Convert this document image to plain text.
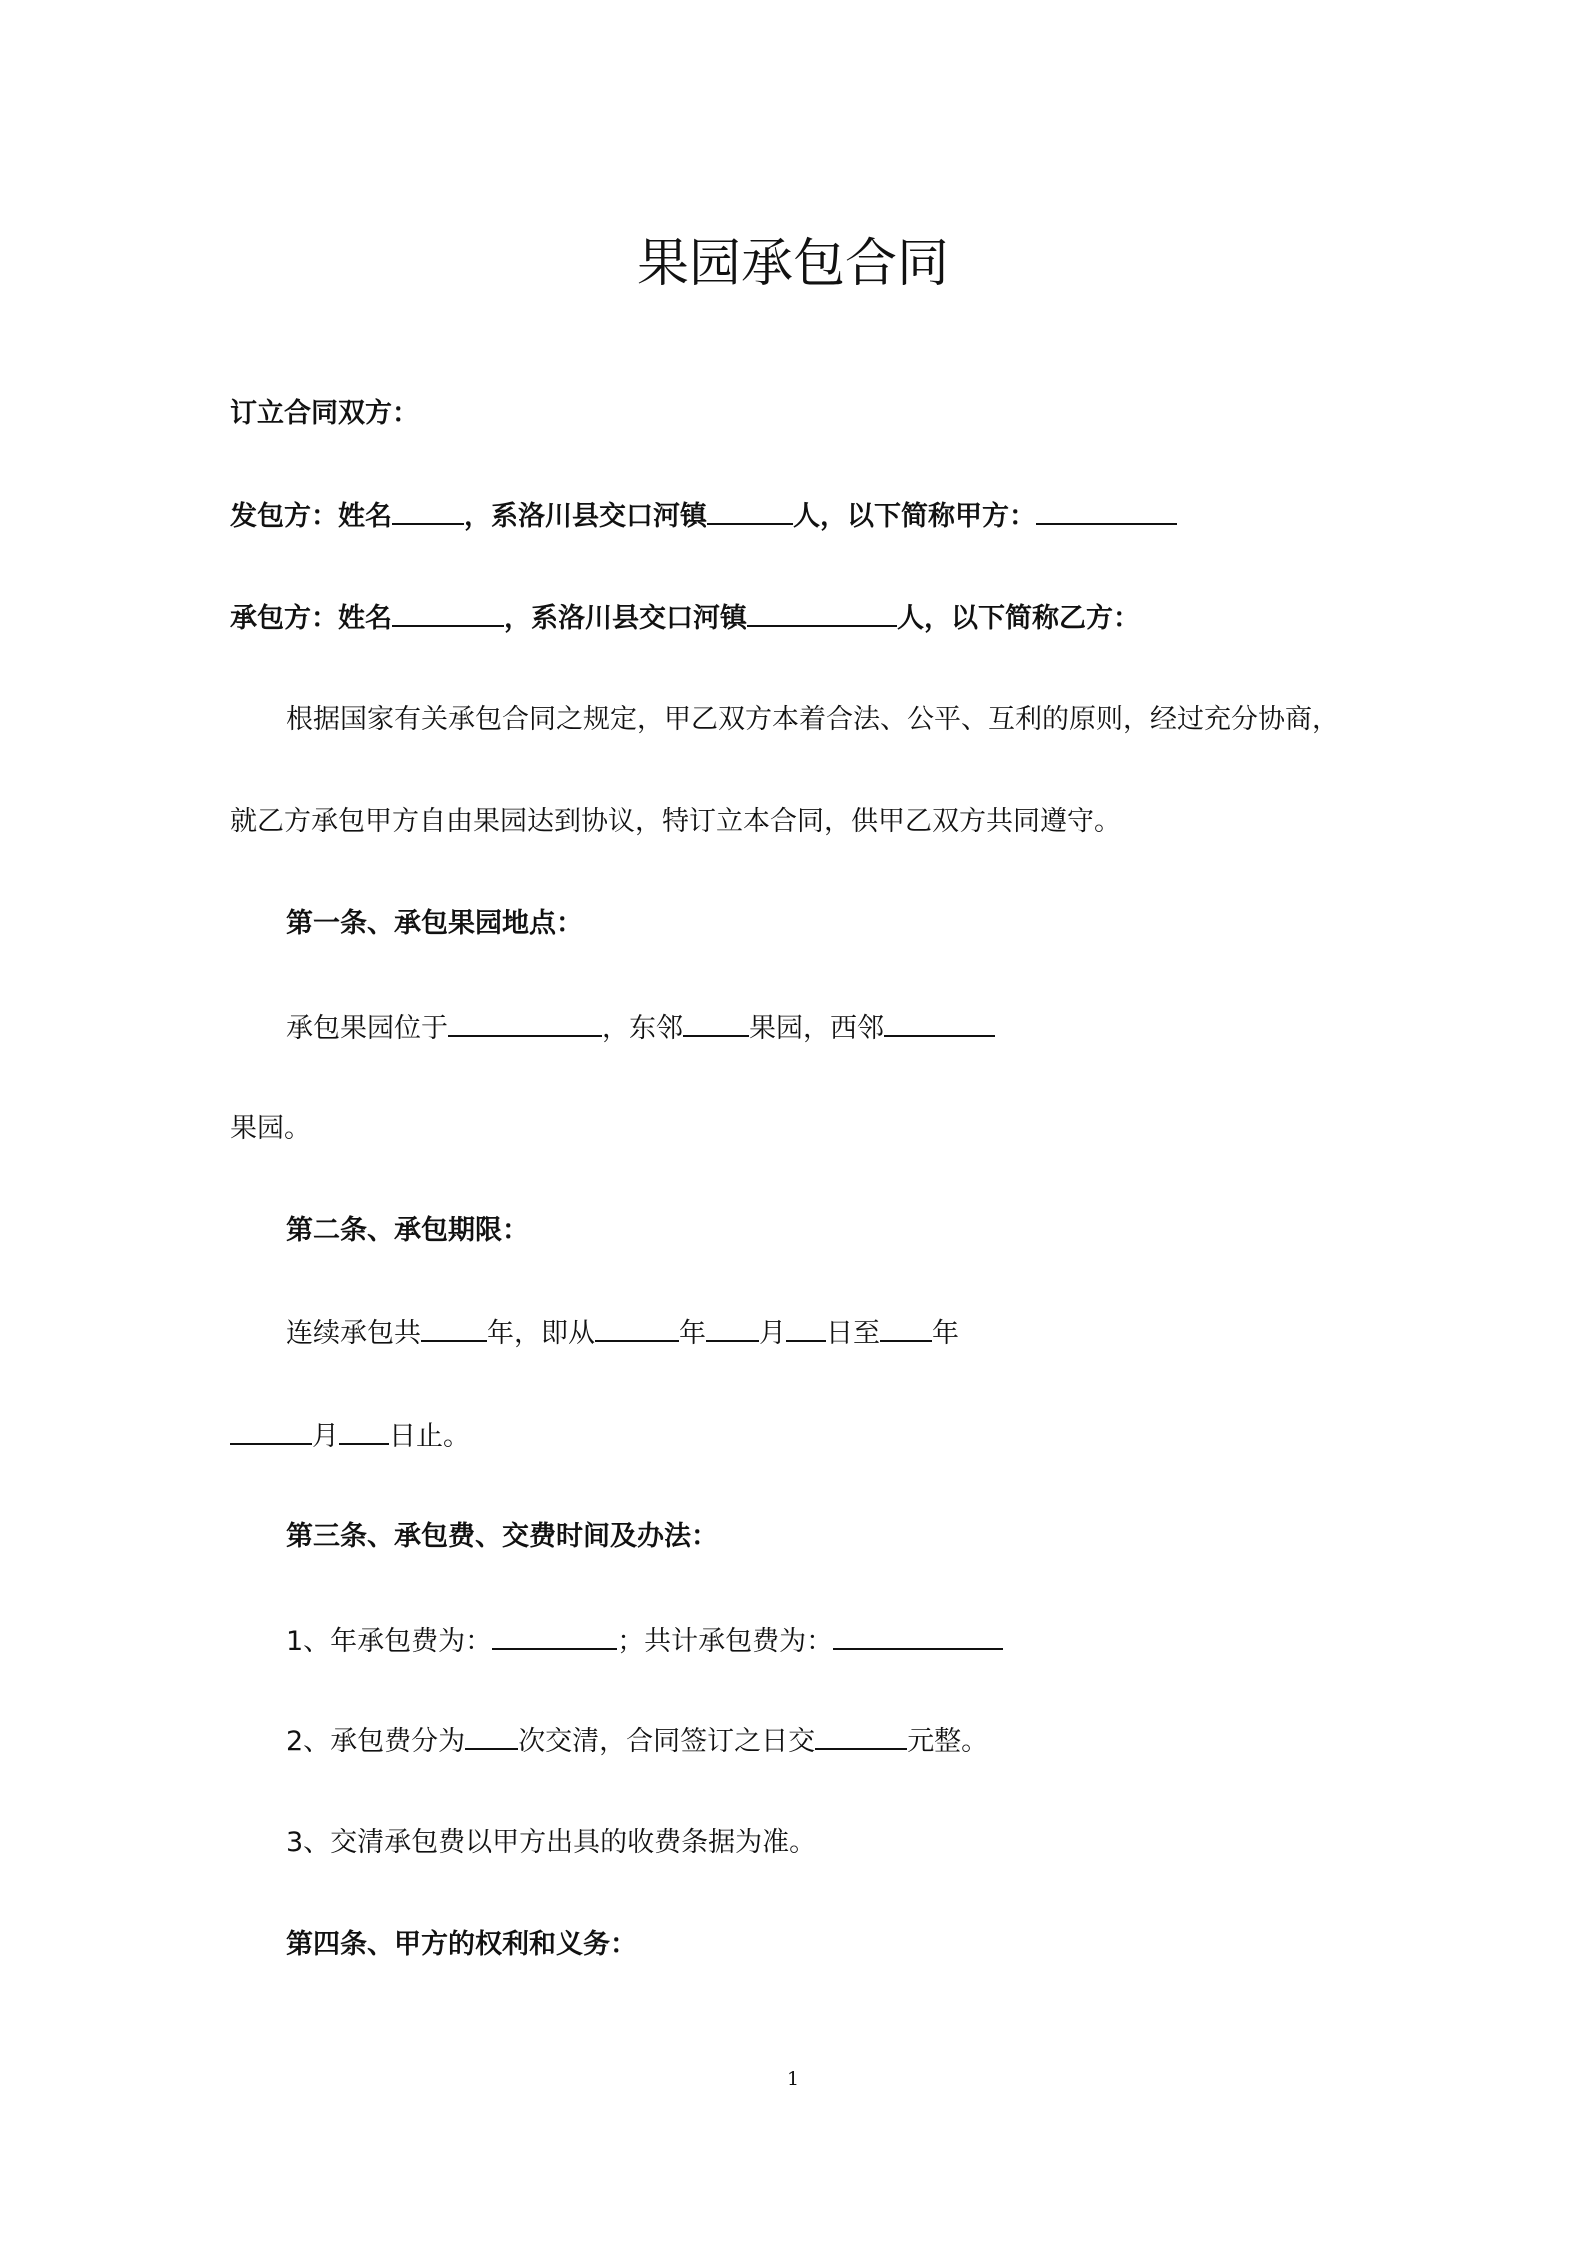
果园承包合同
订立合同双方：
发包方：姓名	，系洛川县交口河镇	人，以下简称甲方：
承包方：姓名	，系洛川县交口河镇	人，以下简称乙方：
根据国家有关承包合同之规定，甲乙双方本着合法、公平、互利的原则，经过充分协商，
就乙方承包甲方自由果园达到协议，特订立本合同，供甲乙双方共同遵守。
第一条、承包果园地点：
承包果园位于	，东邻 果园，西邻
果园。
第二条、承包期限：
连续承包共 年，即从	年 月 日至 年
月 日止。
第三条、承包费、交费时间及办法：
1、年承包费为：	；共计承包费为：
2、承包费分为 次交清，合同签订之日交	元整。
3、交清承包费以甲方出具的收费条据为准。
第四条、甲方的权利和义务：
1
